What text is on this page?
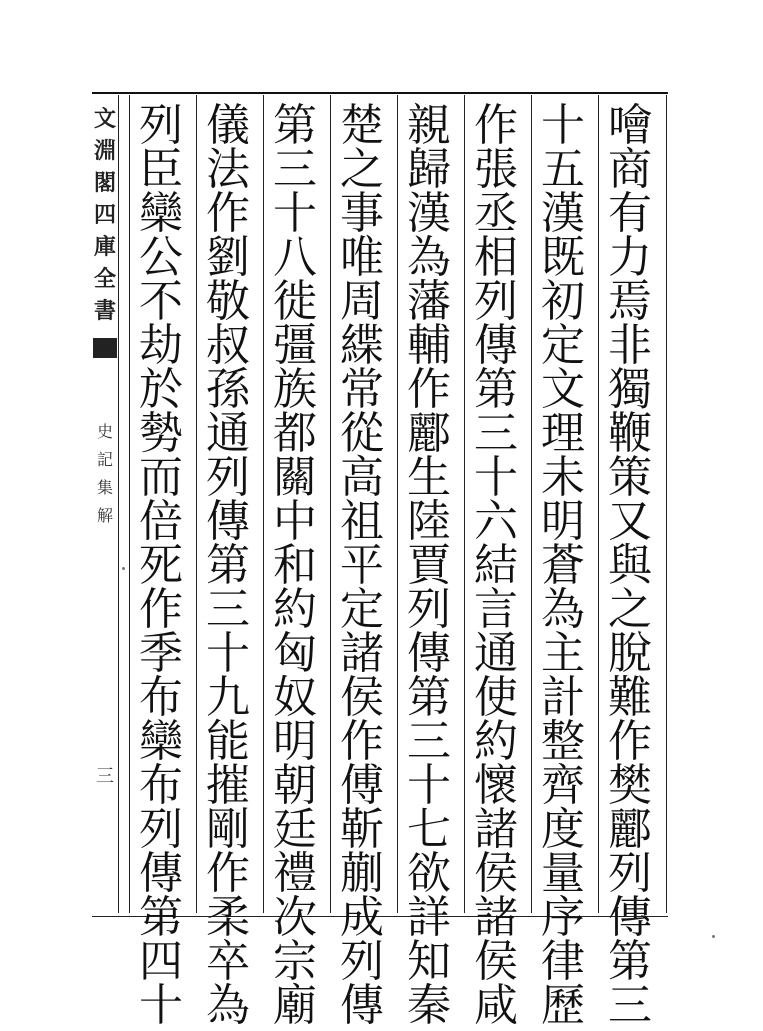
文
淵
閣
四
庫
全
書
史
記
集
解
三
噲
商
有
力
焉
非
獨
鞭
策
又
與
之
脫
難
作
樊
酈
列
傳
第
三
十
五
漢
既
初
定
文
理
未
明
蒼
為
主
計
整
齊
度
量
序
律
歷
作
張
丞
相
列
傳
第
三
十
六
結
言
通
使
約
懷
諸
侯
諸
侯
咸
親
歸
漢
為
藩
輔
作
酈
生
陸
賈
列
傳
第
三
十
七
欲
詳
知
秦
楚
之
事
唯
周
緤
常
從
高
祖
平
定
諸
侯
作
傅
靳
蒯
成
列
傳
第
三
十
八
徙
彊
族
都
關
中
和
約
匈
奴
明
朝
廷
禮
次
宗
廟
儀
法
作
劉
敬
叔
孫
通
列
傳
第
三
十
九
能
摧
剛
作
柔
卒
為
列
臣
欒
公
不
劫
於
勢
而
倍
死
作
季
布
欒
布
列
傳
第
四
十
